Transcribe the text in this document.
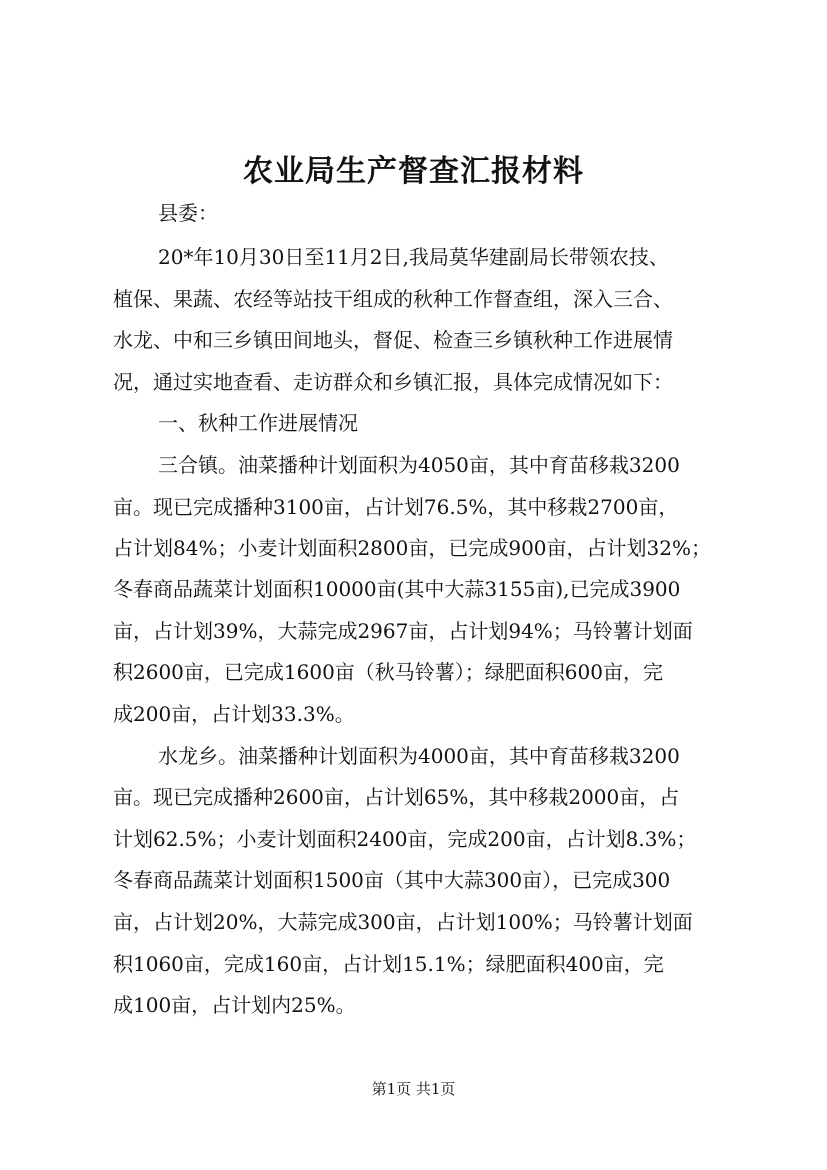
农业局生产督查汇报材料
县委：
20*年10月30日至11月2日,我局莫华建副局长带领农技、
植保、果蔬、农经等站技干组成的秋种工作督查组，深入三合、
水龙、中和三乡镇田间地头，督促、检查三乡镇秋种工作进展情
况，通过实地查看、走访群众和乡镇汇报，具体完成情况如下：
一、秋种工作进展情况
三合镇。油菜播种计划面积为4050亩，其中育苗移栽3200
亩。现已完成播种3100亩，占计划76.5%，其中移栽2700亩，
占计划84%；小麦计划面积2800亩，已完成900亩，占计划32%；
冬春商品蔬菜计划面积10000亩(其中大蒜3155亩),已完成3900
亩，占计划39%，大蒜完成2967亩，占计划94%；马铃薯计划面
积2600亩，已完成1600亩（秋马铃薯）；绿肥面积600亩，完
成200亩，占计划33.3%。
水龙乡。油菜播种计划面积为4000亩，其中育苗移栽3200
亩。现已完成播种2600亩，占计划65%，其中移栽2000亩，占
计划62.5%；小麦计划面积2400亩，完成200亩，占计划8.3%；
冬春商品蔬菜计划面积1500亩（其中大蒜300亩），已完成300
亩，占计划20%，大蒜完成300亩，占计划100%；马铃薯计划面
积1060亩，完成160亩，占计划15.1%；绿肥面积400亩，完
成100亩，占计划内25%。
第1页 共1页
